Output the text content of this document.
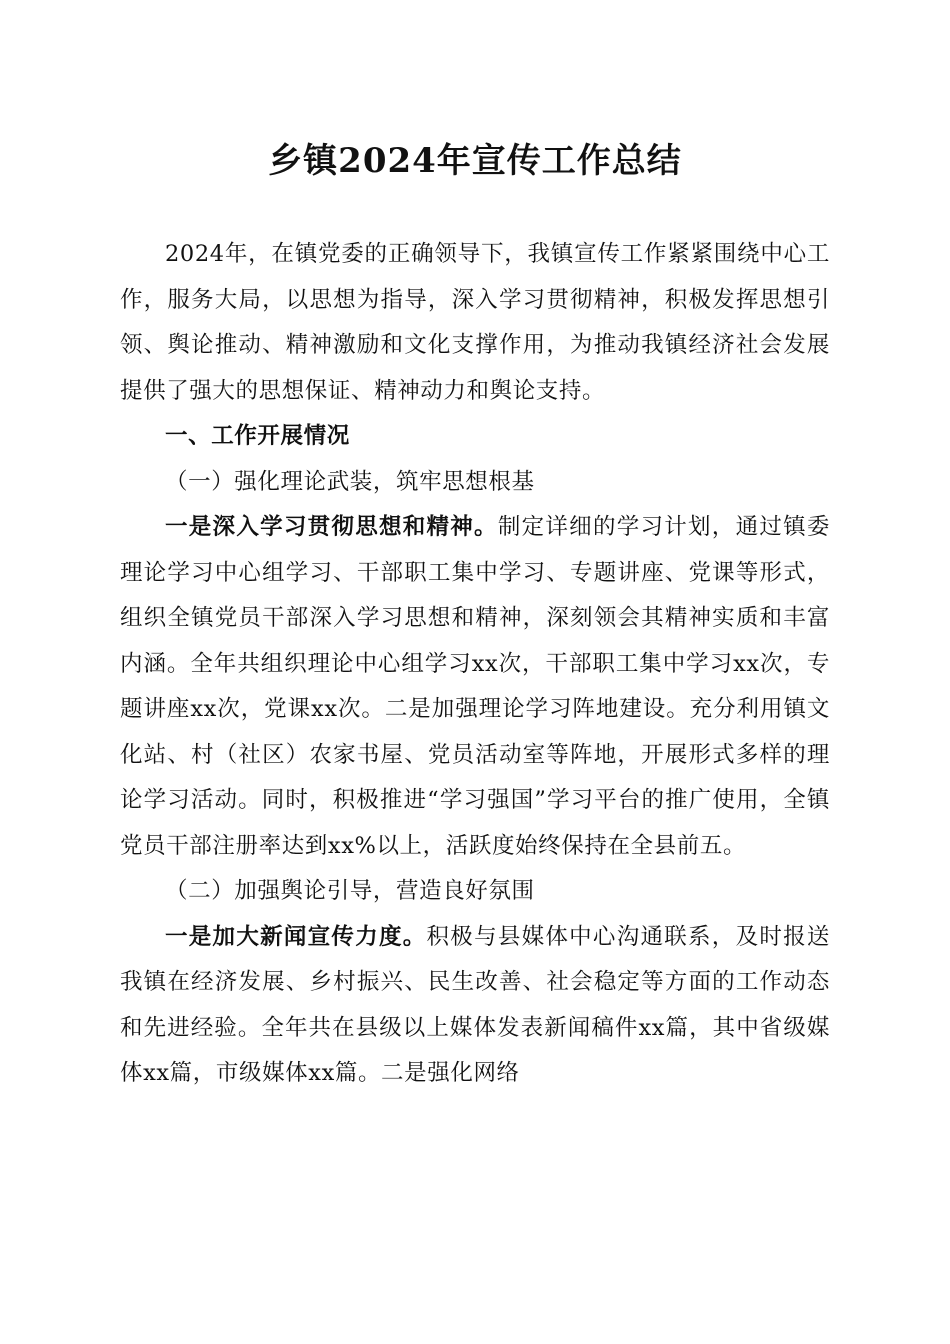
乡镇2024年宣传工作总结

2024年，在镇党委的正确领导下，我镇宣传工作紧紧围绕中心工作，服务大局，以思想为指导，深入学习贯彻精神，积极发挥思想引领、舆论推动、精神激励和文化支撑作用，为推动我镇经济社会发展提供了强大的思想保证、精神动力和舆论支持。

一、工作开展情况

（一）强化理论武装，筑牢思想根基

一是深入学习贯彻思想和精神。制定详细的学习计划，通过镇委理论学习中心组学习、干部职工集中学习、专题讲座、党课等形式，组织全镇党员干部深入学习思想和精神，深刻领会其精神实质和丰富内涵。全年共组织理论中心组学习xx次，干部职工集中学习xx次，专题讲座xx次，党课xx次。二是加强理论学习阵地建设。充分利用镇文化站、村（社区）农家书屋、党员活动室等阵地，开展形式多样的理论学习活动。同时，积极推进“学习强国”学习平台的推广使用，全镇党员干部注册率达到xx%以上，活跃度始终保持在全县前五。

（二）加强舆论引导，营造良好氛围

一是加大新闻宣传力度。积极与县媒体中心沟通联系，及时报送我镇在经济发展、乡村振兴、民生改善、社会稳定等方面的工作动态和先进经验。全年共在县级以上媒体发表新闻稿件xx篇，其中省级媒体xx篇，市级媒体xx篇。二是强化网络
